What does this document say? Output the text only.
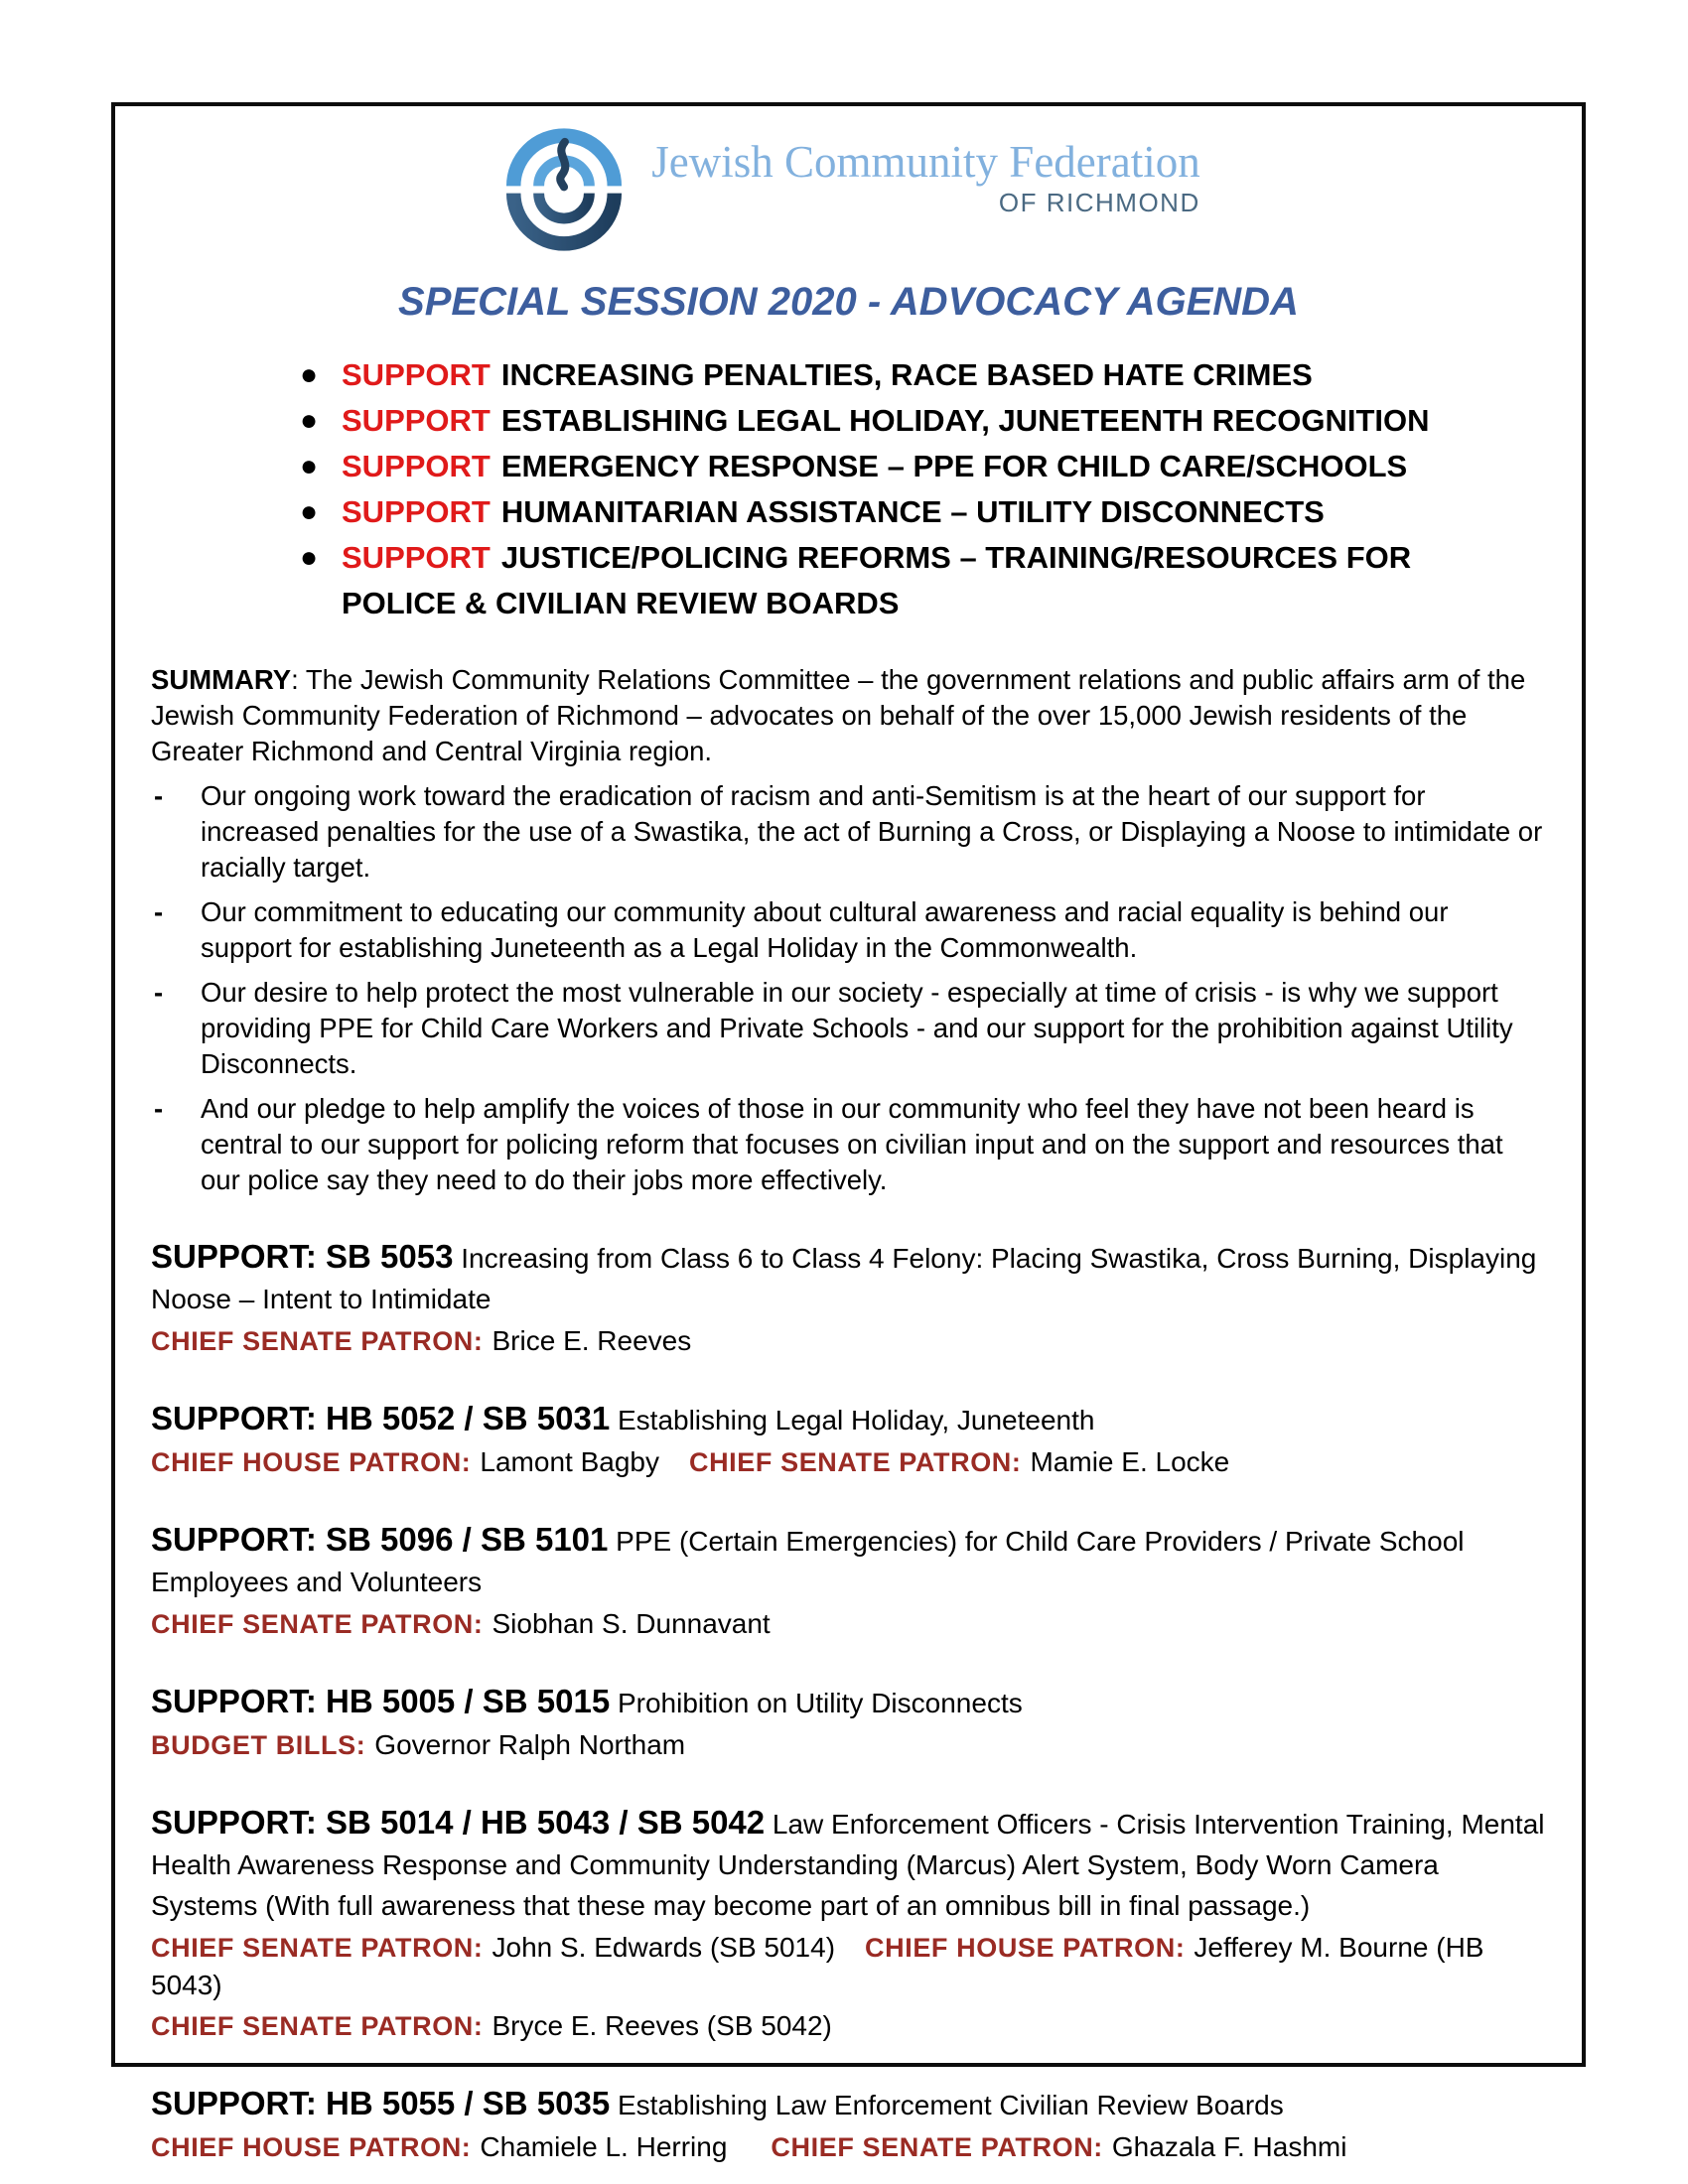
Jewish Community Federation
OF RICHMOND
SPECIAL SESSION 2020 - ADVOCACY AGENDA
● SUPPORT INCREASING PENALTIES, RACE BASED HATE CRIMES
● SUPPORT ESTABLISHING LEGAL HOLIDAY, JUNETEENTH RECOGNITION
● SUPPORT EMERGENCY RESPONSE – PPE FOR CHILD CARE/SCHOOLS
● SUPPORT HUMANITARIAN ASSISTANCE – UTILITY DISCONNECTS
● SUPPORT JUSTICE/POLICING REFORMS – TRAINING/RESOURCES FOR POLICE & CIVILIAN REVIEW BOARDS

SUMMARY: The Jewish Community Relations Committee – the government relations and public affairs arm of the Jewish Community Federation of Richmond – advocates on behalf of the over 15,000 Jewish residents of the Greater Richmond and Central Virginia region.

-	Our ongoing work toward the eradication of racism and anti-Semitism is at the heart of our support for increased penalties for the use of a Swastika, the act of Burning a Cross, or Displaying a Noose to intimidate or racially target.
-	Our commitment to educating our community about cultural awareness and racial equality is behind our support for establishing Juneteenth as a Legal Holiday in the Commonwealth.
-	Our desire to help protect the most vulnerable in our society - especially at time of crisis - is why we support providing PPE for Child Care Workers and Private Schools - and our support for the prohibition against Utility Disconnects.
-	And our pledge to help amplify the voices of those in our community who feel they have not been heard is central to our support for policing reform that focuses on civilian input and on the support and resources that our police say they need to do their jobs more effectively.
SUPPORT: SB 5053 Increasing from Class 6 to Class 4 Felony: Placing Swastika, Cross Burning, Displaying Noose – Intent to Intimidate
CHIEF SENATE PATRON: Brice E. Reeves
SUPPORT: HB 5052 / SB 5031 Establishing Legal Holiday, Juneteenth
CHIEF HOUSE PATRON: Lamont Bagby CHIEF SENATE PATRON: Mamie E. Locke
SUPPORT: SB 5096 / SB 5101 PPE (Certain Emergencies) for Child Care Providers / Private School Employees and Volunteers
CHIEF SENATE PATRON: Siobhan S. Dunnavant
SUPPORT: HB 5005 / SB 5015 Prohibition on Utility Disconnects
BUDGET BILLS: Governor Ralph Northam
SUPPORT: SB 5014 / HB 5043 / SB 5042 Law Enforcement Officers - Crisis Intervention Training, Mental Health Awareness Response and Community Understanding (Marcus) Alert System, Body Worn Camera Systems (With full awareness that these may become part of an omnibus bill in final passage.)
CHIEF SENATE PATRON: John S. Edwards (SB 5014) CHIEF HOUSE PATRON: Jefferey M. Bourne (HB 5043)
CHIEF SENATE PATRON: Bryce E. Reeves (SB 5042)
SUPPORT: HB 5055 / SB 5035 Establishing Law Enforcement Civilian Review Boards
CHIEF HOUSE PATRON: Chamiele L. Herring CHIEF SENATE PATRON: Ghazala F. Hashmi
